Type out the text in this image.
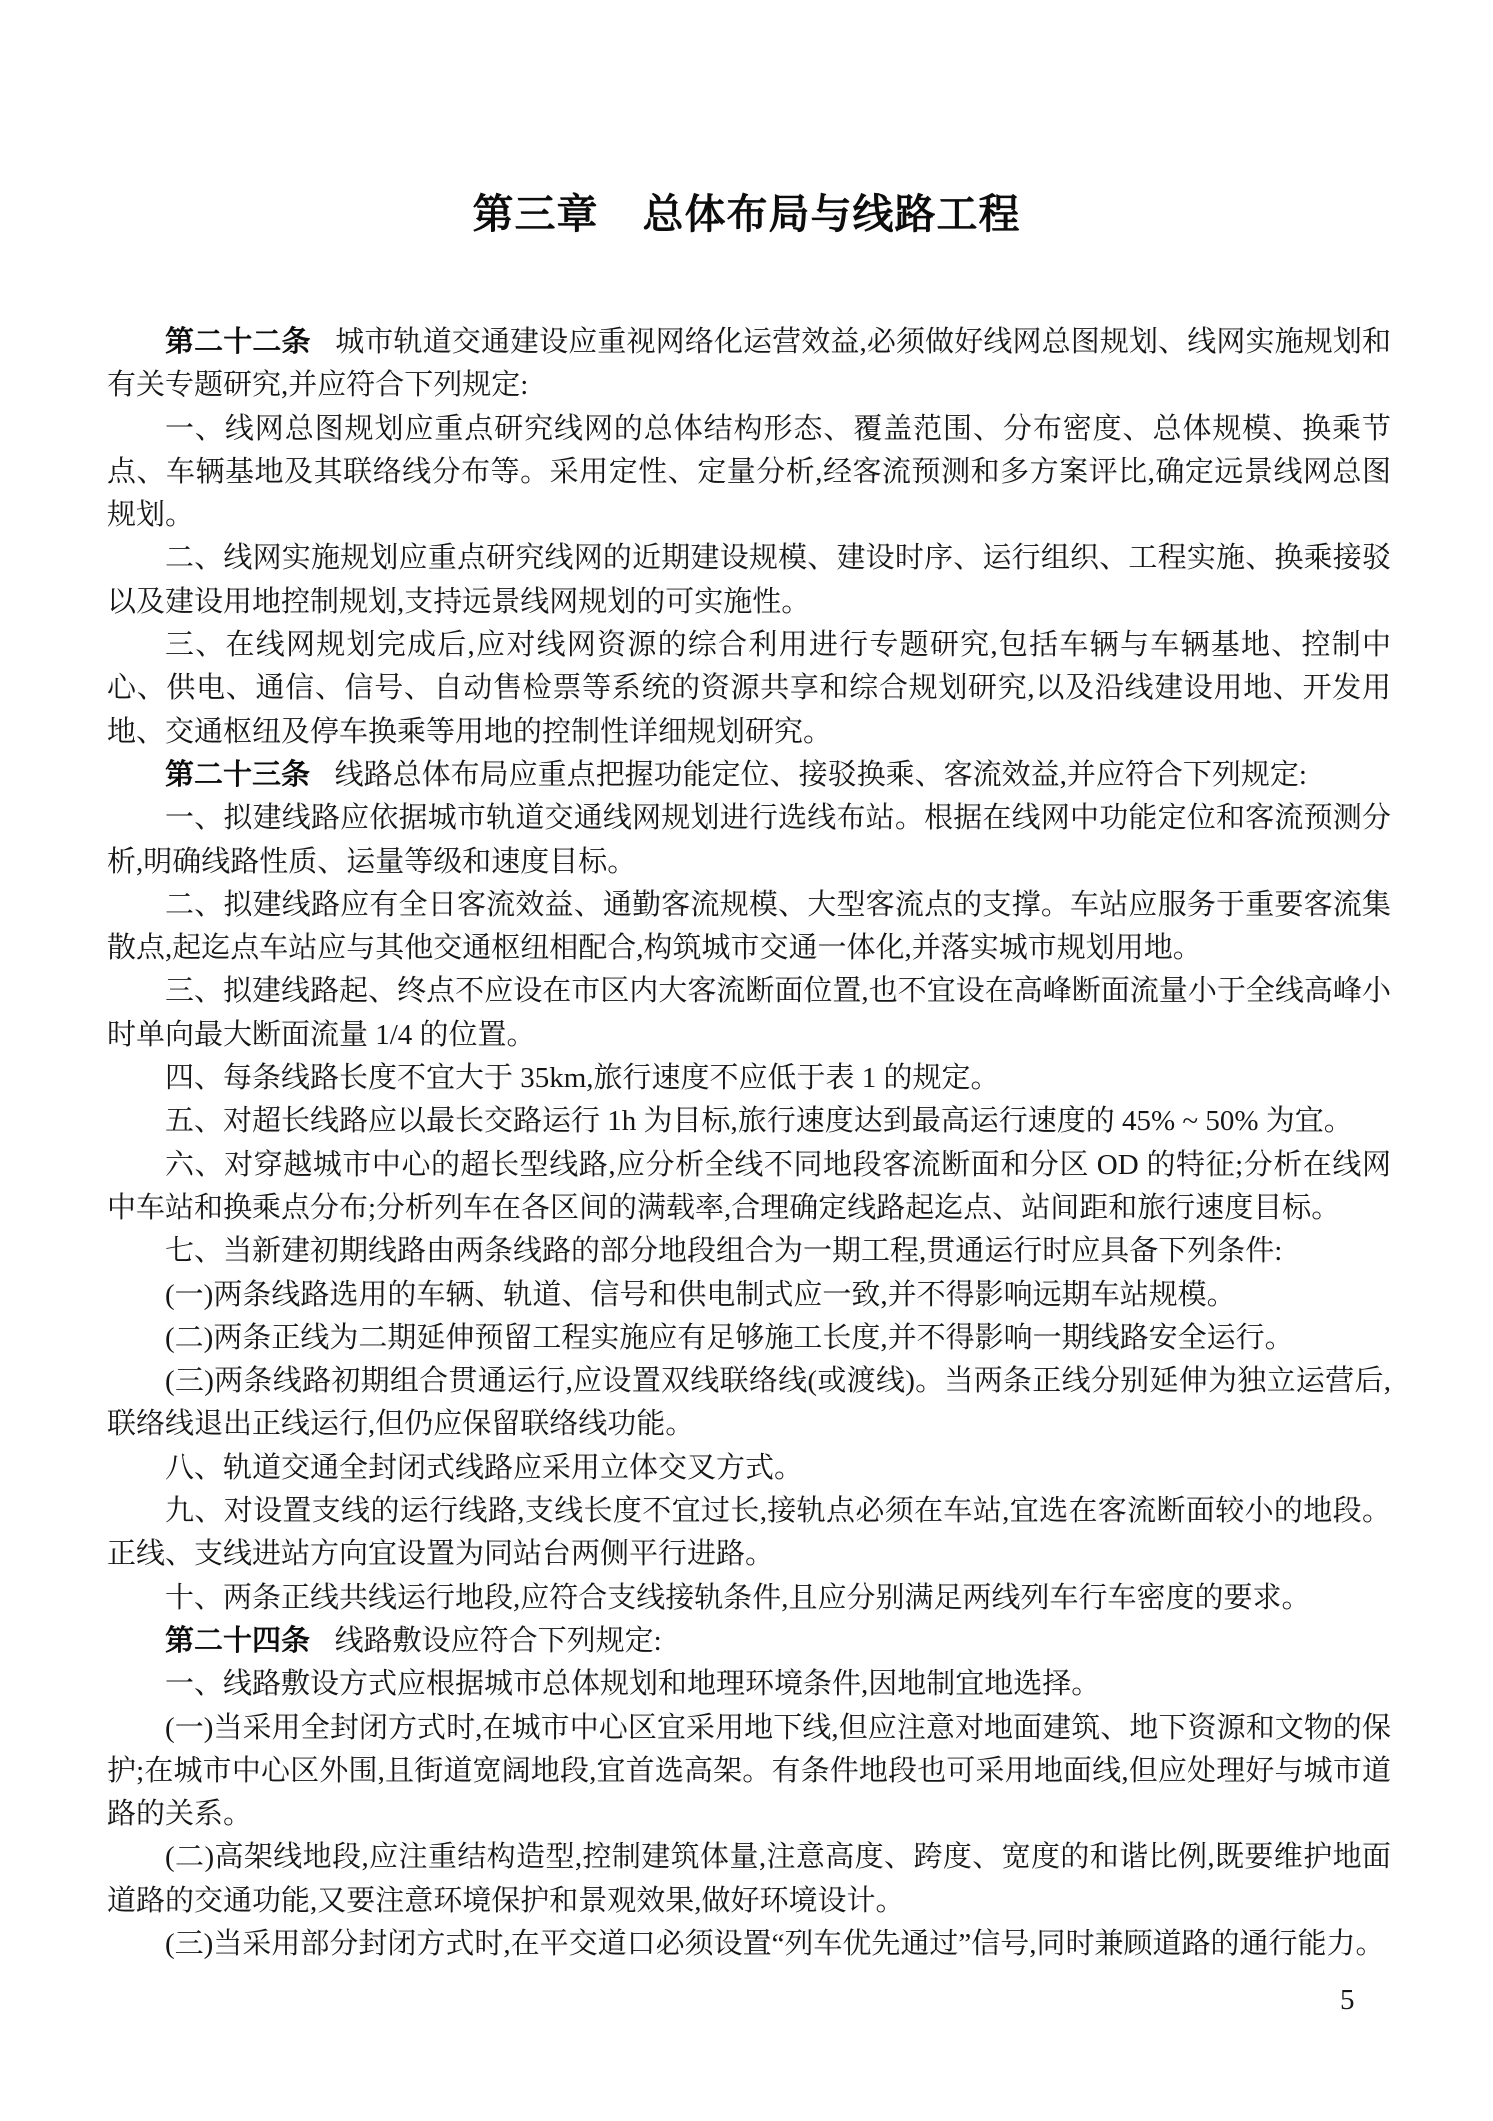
第三章 总体布局与线路工程

第二十二条 城市轨道交通建设应重视网络化运营效益,必须做好线网总图规划、线网实施规划和有关专题研究,并应符合下列规定:

一、线网总图规划应重点研究线网的总体结构形态、覆盖范围、分布密度、总体规模、换乘节点、车辆基地及其联络线分布等。采用定性、定量分析,经客流预测和多方案评比,确定远景线网总图规划。

二、线网实施规划应重点研究线网的近期建设规模、建设时序、运行组织、工程实施、换乘接驳以及建设用地控制规划,支持远景线网规划的可实施性。

三、在线网规划完成后,应对线网资源的综合利用进行专题研究,包括车辆与车辆基地、控制中心、供电、通信、信号、自动售检票等系统的资源共享和综合规划研究,以及沿线建设用地、开发用地、交通枢纽及停车换乘等用地的控制性详细规划研究。

第二十三条 线路总体布局应重点把握功能定位、接驳换乘、客流效益,并应符合下列规定:

一、拟建线路应依据城市轨道交通线网规划进行选线布站。根据在线网中功能定位和客流预测分析,明确线路性质、运量等级和速度目标。

二、拟建线路应有全日客流效益、通勤客流规模、大型客流点的支撑。车站应服务于重要客流集散点,起迄点车站应与其他交通枢纽相配合,构筑城市交通一体化,并落实城市规划用地。

三、拟建线路起、终点不应设在市区内大客流断面位置,也不宜设在高峰断面流量小于全线高峰小时单向最大断面流量 1/4 的位置。

四、每条线路长度不宜大于 35km,旅行速度不应低于表 1 的规定。

五、对超长线路应以最长交路运行 1h 为目标,旅行速度达到最高运行速度的 45% ~ 50% 为宜。

六、对穿越城市中心的超长型线路,应分析全线不同地段客流断面和分区 OD 的特征;分析在线网中车站和换乘点分布;分析列车在各区间的满载率,合理确定线路起迄点、站间距和旅行速度目标。

七、当新建初期线路由两条线路的部分地段组合为一期工程,贯通运行时应具备下列条件:

(一)两条线路选用的车辆、轨道、信号和供电制式应一致,并不得影响远期车站规模。

(二)两条正线为二期延伸预留工程实施应有足够施工长度,并不得影响一期线路安全运行。

(三)两条线路初期组合贯通运行,应设置双线联络线(或渡线)。当两条正线分别延伸为独立运营后,联络线退出正线运行,但仍应保留联络线功能。

八、轨道交通全封闭式线路应采用立体交叉方式。

九、对设置支线的运行线路,支线长度不宜过长,接轨点必须在车站,宜选在客流断面较小的地段。正线、支线进站方向宜设置为同站台两侧平行进路。

十、两条正线共线运行地段,应符合支线接轨条件,且应分别满足两线列车行车密度的要求。

第二十四条 线路敷设应符合下列规定:

一、线路敷设方式应根据城市总体规划和地理环境条件,因地制宜地选择。

(一)当采用全封闭方式时,在城市中心区宜采用地下线,但应注意对地面建筑、地下资源和文物的保护;在城市中心区外围,且街道宽阔地段,宜首选高架。有条件地段也可采用地面线,但应处理好与城市道路的关系。

(二)高架线地段,应注重结构造型,控制建筑体量,注意高度、跨度、宽度的和谐比例,既要维护地面道路的交通功能,又要注意环境保护和景观效果,做好环境设计。

(三)当采用部分封闭方式时,在平交道口必须设置“列车优先通过”信号,同时兼顾道路的通行能力。

5
